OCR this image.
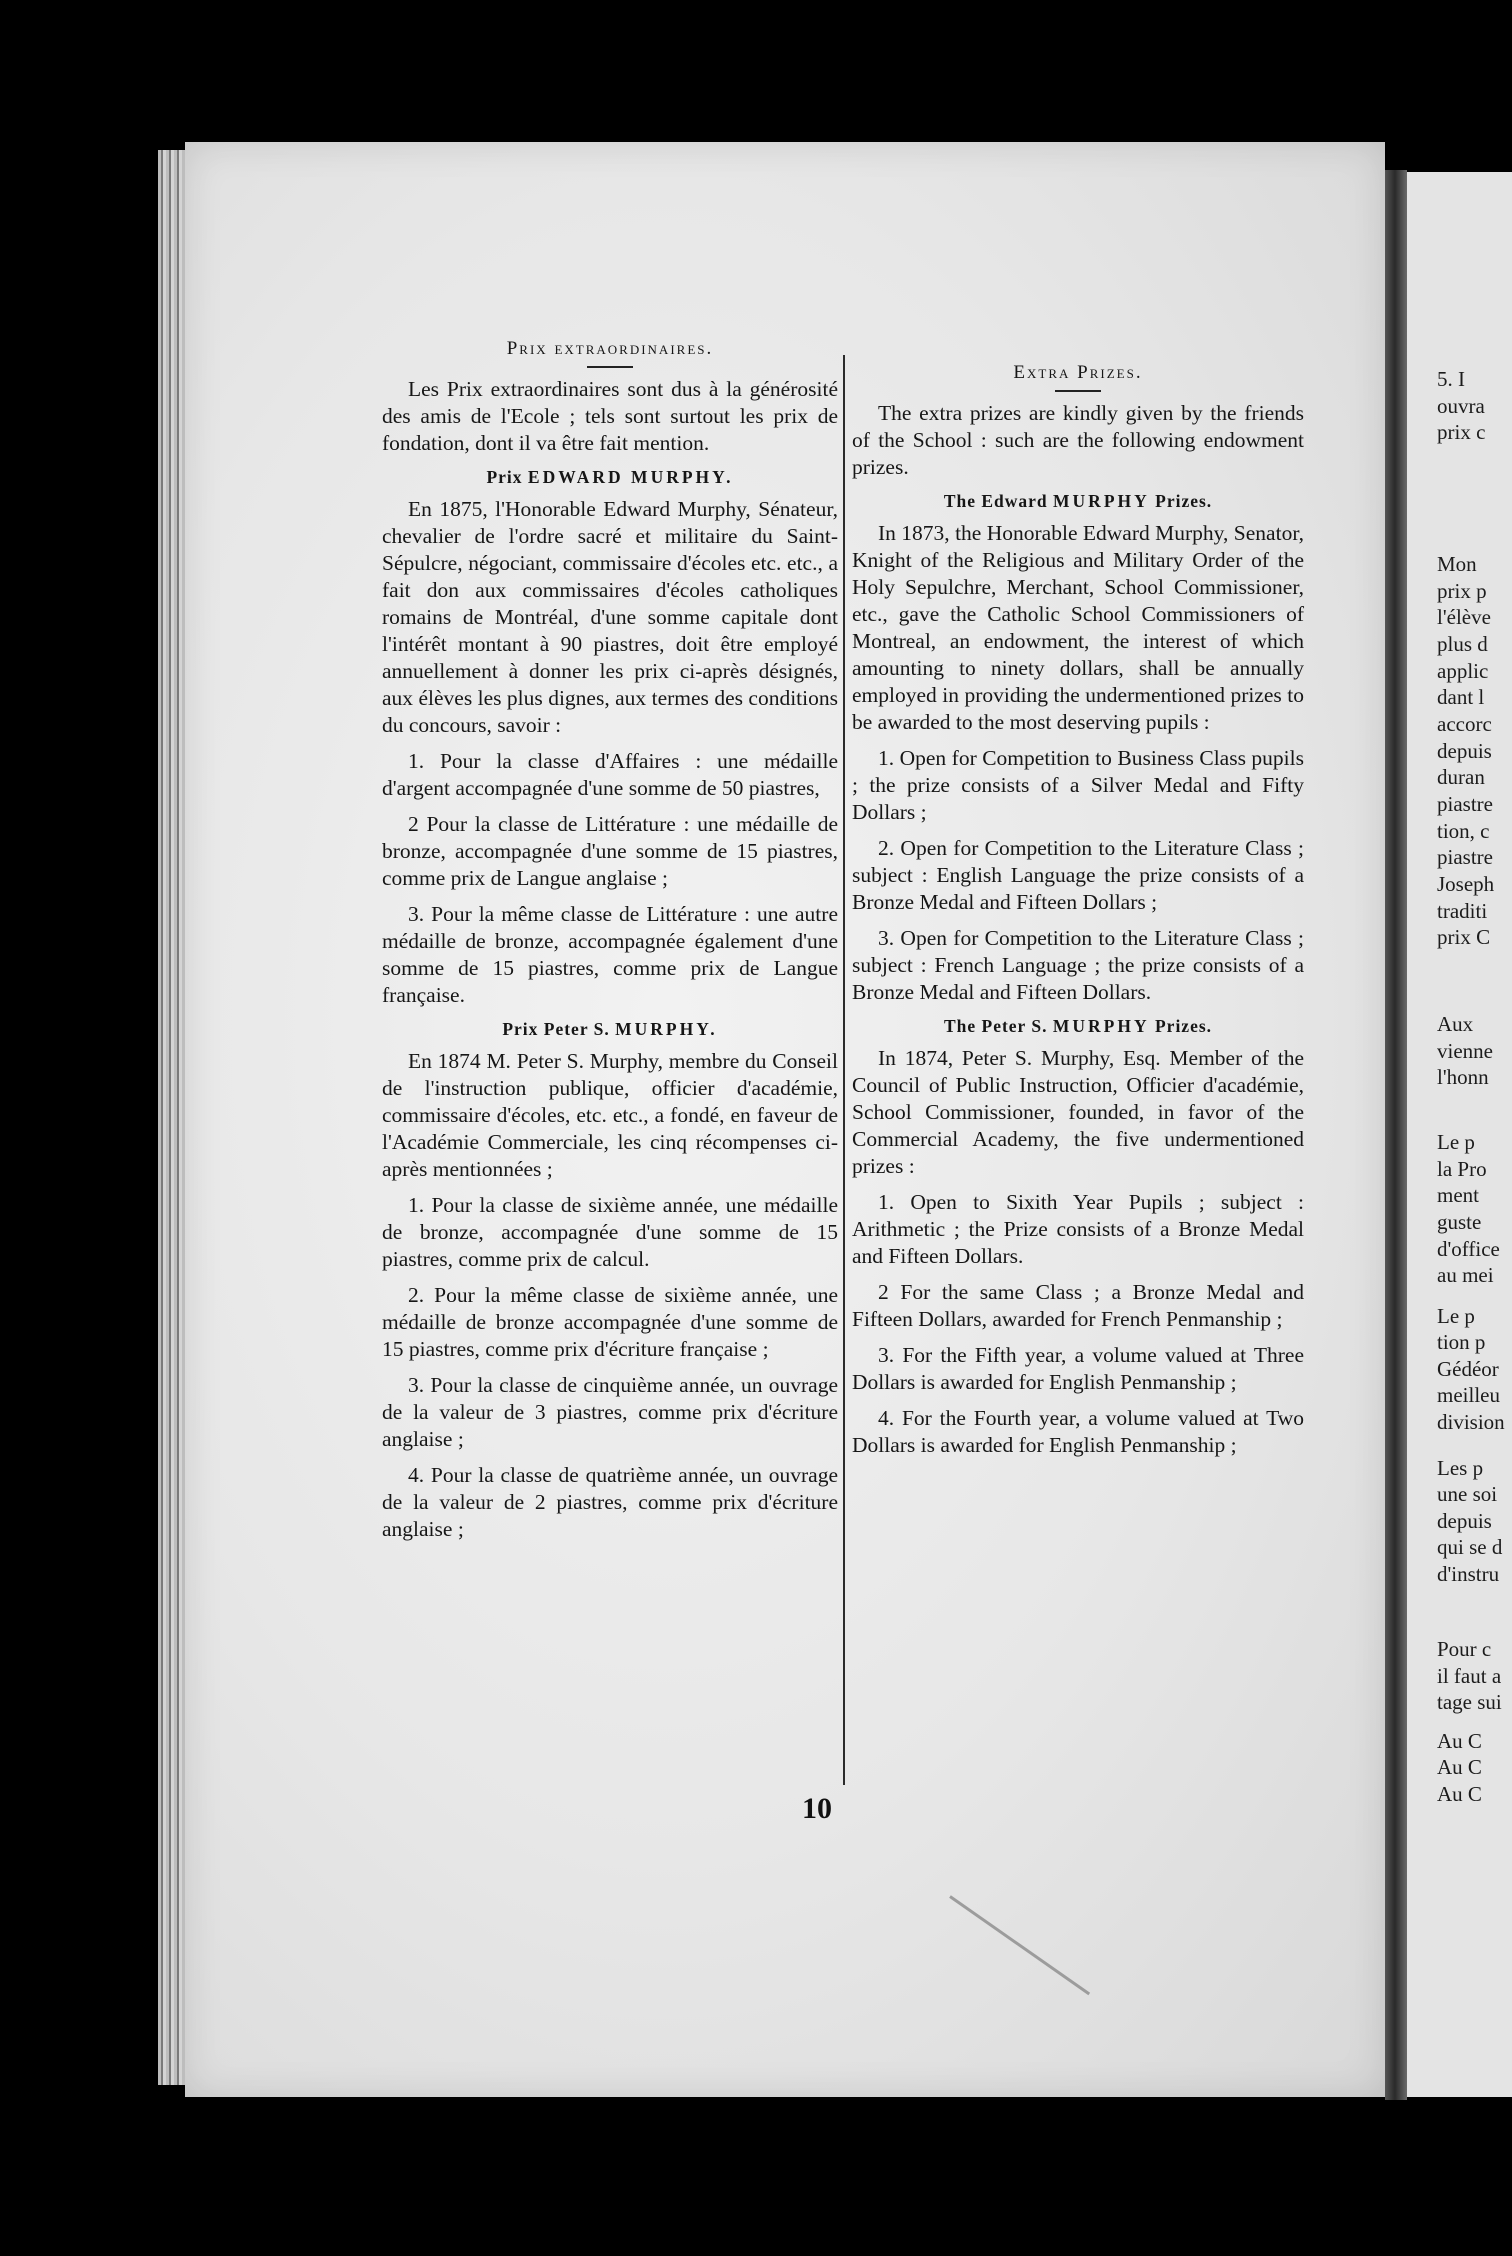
5. I
ouvra
prix c
Mon
prix p
l'élève
plus d
applic
dant l
accorc
depuis
duran
piastre
tion, c
piastre
Joseph
traditi
prix C
Aux
vienne
l'honn
Le p
la Pro
ment
guste
d'office
au mei
Le p
tion p
Gédéor
meilleu
division
Les p
une soi
depuis
qui se d
d'instru
Pour c
il faut a
tage sui
Au C
Au C
Au C
Prix extraordinaires.

Les Prix extraordinaires sont dus à la générosité des amis de l'Ecole ; tels sont surtout les prix de fondation, dont il va être fait mention.

Prix EDWARD MURPHY.

En 1875, l'Honorable Edward Murphy, Sénateur, chevalier de l'ordre sacré et militaire du Saint-Sépulcre, négociant, commissaire d'écoles etc. etc., a fait don aux commissaires d'écoles catholiques romains de Montréal, d'une somme capitale dont l'intérêt montant à 90 piastres, doit être employé annuellement à donner les prix ci-après désignés, aux élèves les plus dignes, aux termes des conditions du concours, savoir :

1. Pour la classe d'Affaires : une médaille d'argent accompagnée d'une somme de 50 piastres,

2 Pour la classe de Littérature : une médaille de bronze, accompagnée d'une somme de 15 piastres, comme prix de Langue anglaise ;

3. Pour la même classe de Littérature : une autre médaille de bronze, accompagnée également d'une somme de 15 piastres, comme prix de Langue française.

Prix Peter S. MURPHY.

En 1874 M. Peter S. Murphy, membre du Conseil de l'instruction publique, officier d'académie, commissaire d'écoles, etc. etc., a fondé, en faveur de l'Académie Commerciale, les cinq récompenses ci-après mentionnées ;

1. Pour la classe de sixième année, une médaille de bronze, accompagnée d'une somme de 15 piastres, comme prix de calcul.

2. Pour la même classe de sixième année, une médaille de bronze accompagnée d'une somme de 15 piastres, comme prix d'écriture française ;

3. Pour la classe de cinquième année, un ouvrage de la valeur de 3 piastres, comme prix d'écriture anglaise ;

4. Pour la classe de quatrième année, un ouvrage de la valeur de 2 piastres, comme prix d'écriture anglaise ;

Extra Prizes.

The extra prizes are kindly given by the friends of the School : such are the following endowment prizes.

The Edward MURPHY Prizes.

In 1873, the Honorable Edward Murphy, Senator, Knight of the Religious and Military Order of the Holy Sepulchre, Merchant, School Commissioner, etc., gave the Catholic School Commissioners of Montreal, an endowment, the interest of which amounting to ninety dollars, shall be annually employed in providing the undermentioned prizes to be awarded to the most deserving pupils :

1. Open for Competition to Business Class pupils ; the prize consists of a Silver Medal and Fifty Dollars ;

2. Open for Competition to the Literature Class ; subject : English Language the prize consists of a Bronze Medal and Fifteen Dollars ;

3. Open for Competition to the Literature Class ; subject : French Language ; the prize consists of a Bronze Medal and Fifteen Dollars.

The Peter S. MURPHY Prizes.

In 1874, Peter S. Murphy, Esq. Member of the Council of Public Instruction, Officier d'académie, School Commissioner, founded, in favor of the Commercial Academy, the five undermentioned prizes :

1. Open to Sixith Year Pupils ; subject : Arithmetic ; the Prize consists of a Bronze Medal and Fifteen Dollars.

2 For the same Class ; a Bronze Medal and Fifteen Dollars, awarded for French Penmanship ;

3. For the Fifth year, a volume valued at Three Dollars is awarded for English Penmanship ;

4. For the Fourth year, a volume valued at Two Dollars is awarded for English Penmanship ;

10
